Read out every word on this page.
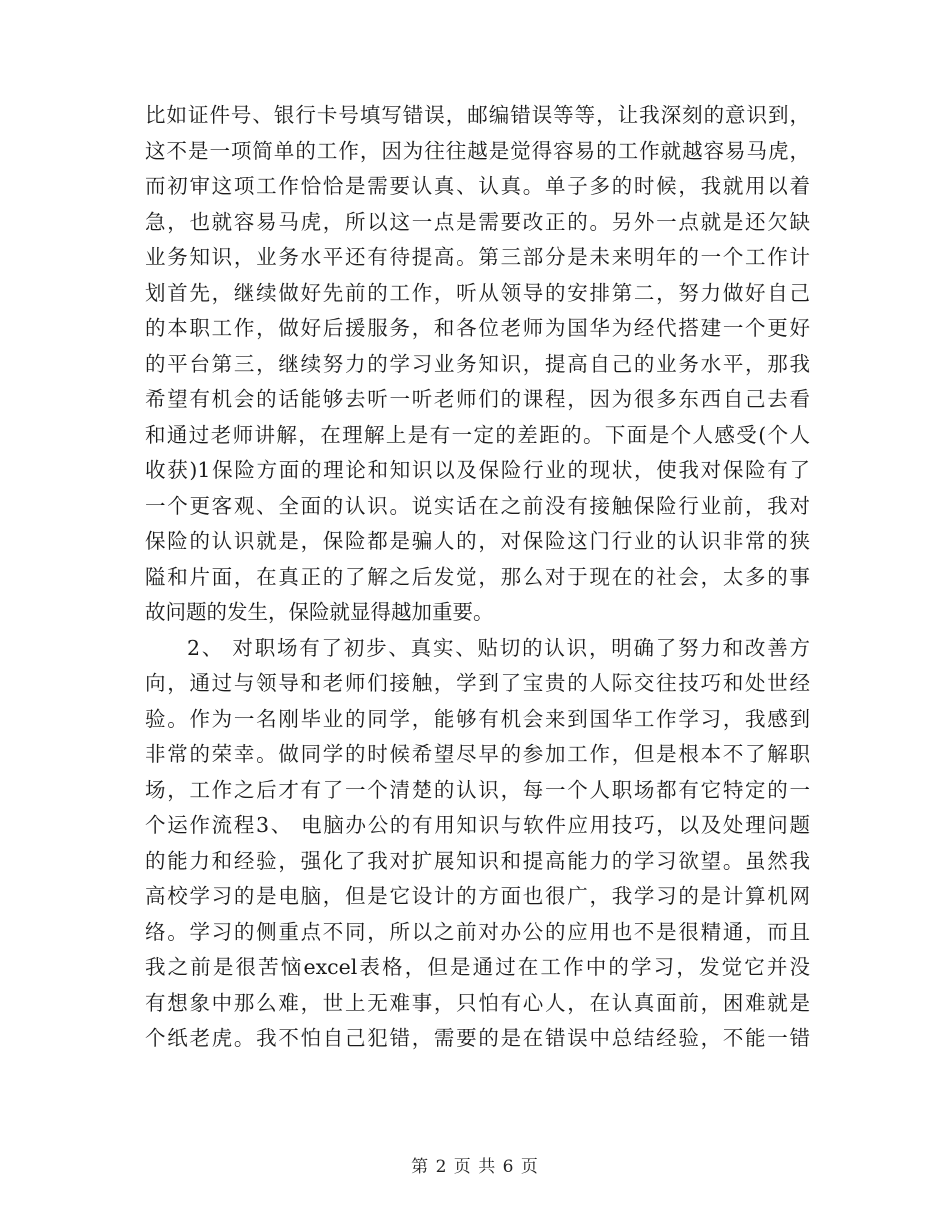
比如证件号、银行卡号填写错误，邮编错误等等，让我深刻的意识到，
这不是一项简单的工作，因为往往越是觉得容易的工作就越容易马虎，
而初审这项工作恰恰是需要认真、认真。单子多的时候，我就用以着
急，也就容易马虎，所以这一点是需要改正的。另外一点就是还欠缺
业务知识，业务水平还有待提高。第三部分是未来明年的一个工作计
划首先，继续做好先前的工作，听从领导的安排第二，努力做好自己
的本职工作，做好后援服务，和各位老师为国华为经代搭建一个更好
的平台第三，继续努力的学习业务知识，提高自己的业务水平，那我
希望有机会的话能够去听一听老师们的课程，因为很多东西自己去看
和通过老师讲解，在理解上是有一定的差距的。下面是个人感受(个人
收获)1保险方面的理论和知识以及保险行业的现状，使我对保险有了
一个更客观、全面的认识。说实话在之前没有接触保险行业前，我对
保险的认识就是，保险都是骗人的，对保险这门行业的认识非常的狭
隘和片面，在真正的了解之后发觉，那么对于现在的社会，太多的事
故问题的发生，保险就显得越加重要。
2、 对职场有了初步、真实、贴切的认识，明确了努力和改善方
向，通过与领导和老师们接触，学到了宝贵的人际交往技巧和处世经
验。作为一名刚毕业的同学，能够有机会来到国华工作学习，我感到
非常的荣幸。做同学的时候希望尽早的参加工作，但是根本不了解职
场，工作之后才有了一个清楚的认识，每一个人职场都有它特定的一
个运作流程3、 电脑办公的有用知识与软件应用技巧，以及处理问题
的能力和经验，强化了我对扩展知识和提高能力的学习欲望。虽然我
高校学习的是电脑，但是它设计的方面也很广，我学习的是计算机网
络。学习的侧重点不同，所以之前对办公的应用也不是很精通，而且
我之前是很苦恼excel表格，但是通过在工作中的学习，发觉它并没
有想象中那么难，世上无难事，只怕有心人，在认真面前，困难就是
个纸老虎。我不怕自己犯错，需要的是在错误中总结经验，不能一错
第 2 页 共 6 页
